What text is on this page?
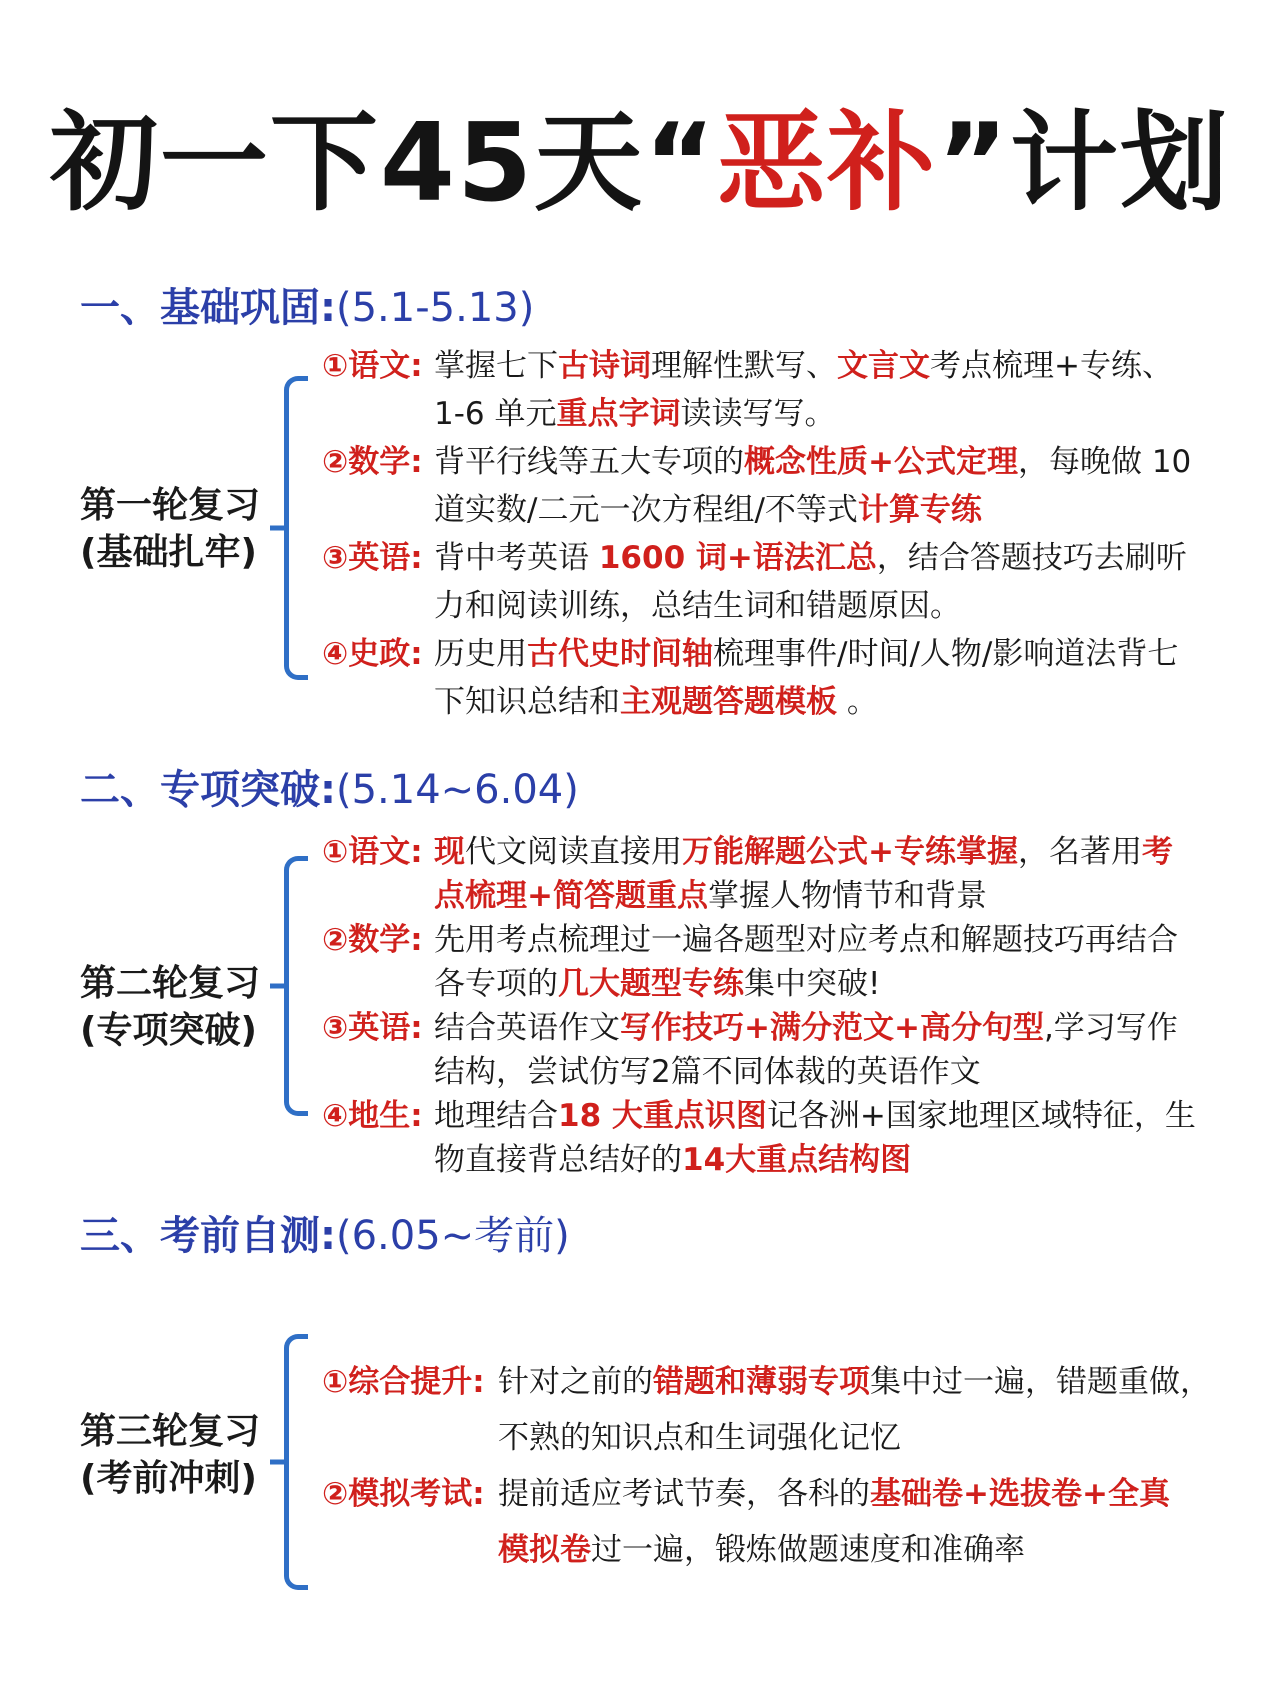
初一下45天“恶补”计划
一、基础巩固:(5.1-5.13)
第一轮复习
(基础扎牢)
①语文: 掌握七下古诗词理解性默写、文言文考点梳理+专练、
1-6 单元重点字词读读写写。
②数学: 背平行线等五大专项的概念性质+公式定理，每晚做 10
道实数/二元一次方程组/不等式计算专练
③英语: 背中考英语 1600 词+语法汇总，结合答题技巧去刷听
力和阅读训练，总结生词和错题原因。
④史政: 历史用古代史时间轴梳理事件/时间/人物/影响道法背七
下知识总结和主观题答题模板 。
二、专项突破:(5.14~6.04)
第二轮复习
(专项突破)
①语文: 现代文阅读直接用万能解题公式+专练掌握，名著用考
点梳理+简答题重点掌握人物情节和背景
②数学: 先用考点梳理过一遍各题型对应考点和解题技巧再结合
各专项的几大题型专练集中突破!
③英语: 结合英语作文写作技巧+满分范文+高分句型,学习写作
结构，尝试仿写2篇不同体裁的英语作文
④地生: 地理结合18 大重点识图记各洲+国家地理区域特征，生
物直接背总结好的14大重点结构图
三、考前自测:(6.05~考前)
第三轮复习
(考前冲刺)
①综合提升: 针对之前的错题和薄弱专项集中过一遍，错题重做，
不熟的知识点和生词强化记忆
②模拟考试: 提前适应考试节奏，各科的基础卷+选拔卷+全真
模拟卷过一遍，锻炼做题速度和准确率
